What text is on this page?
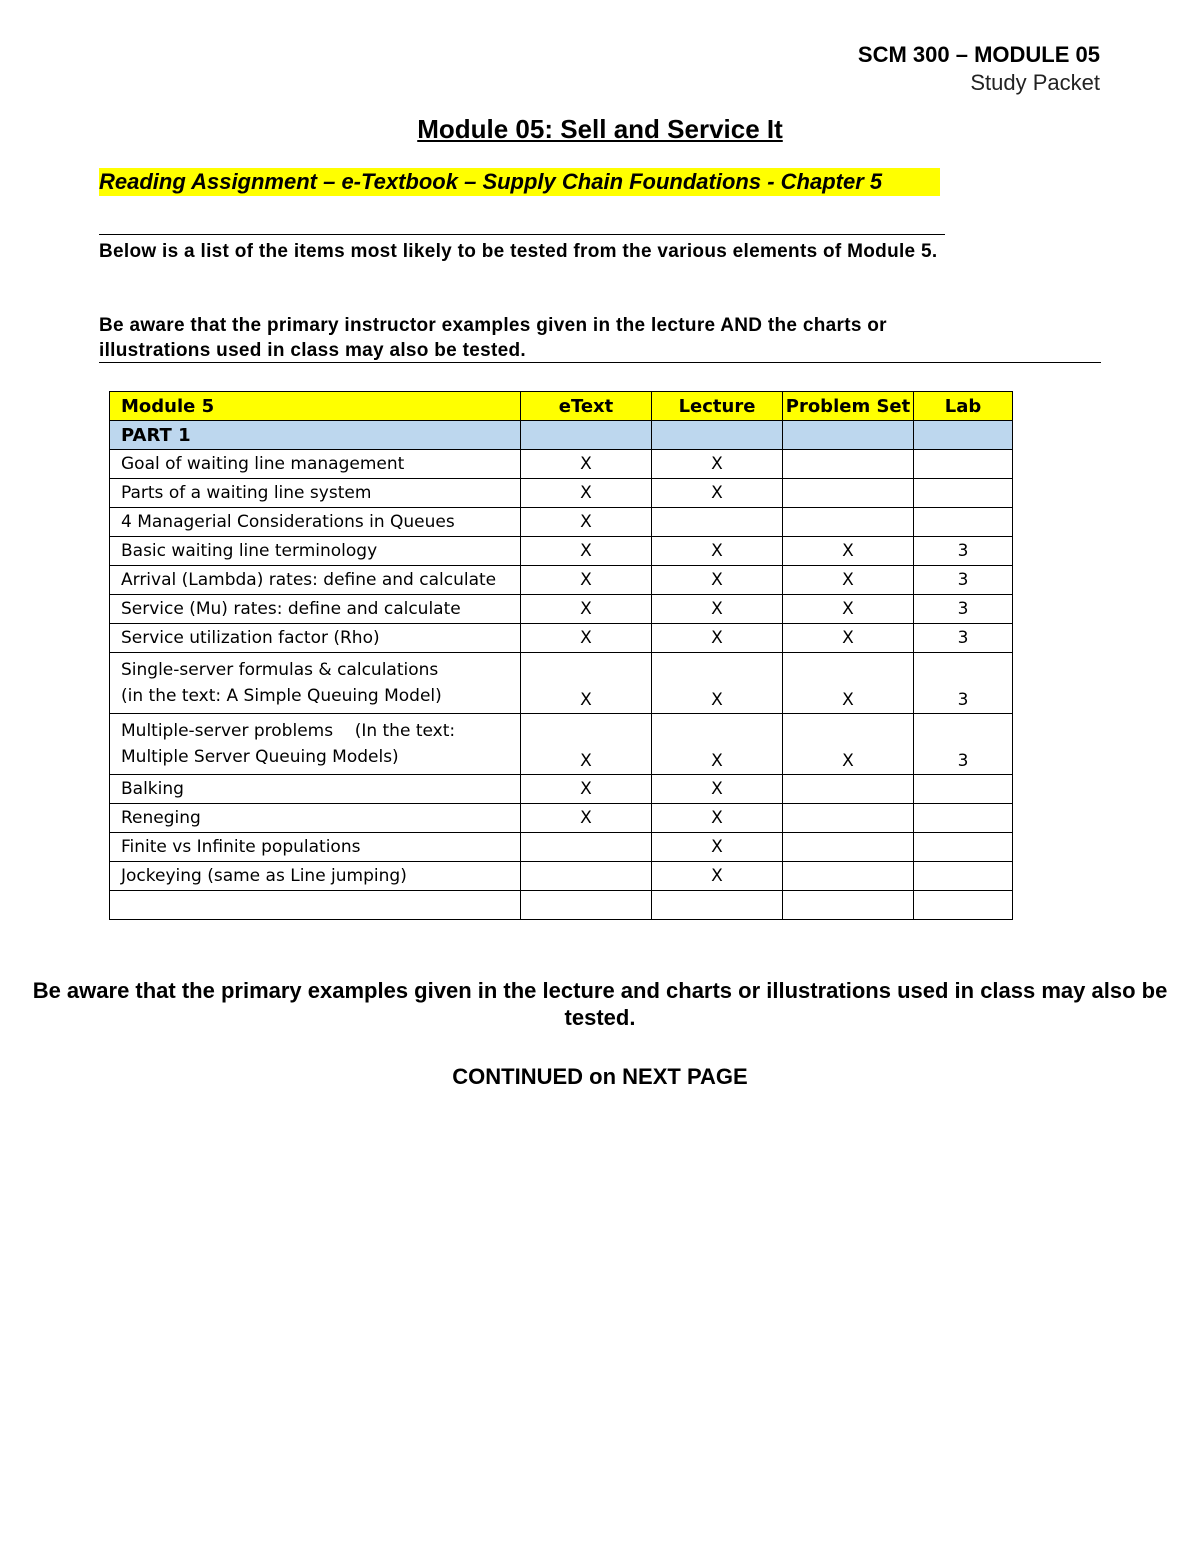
SCM 300 – MODULE 05
Study Packet
Module 05: Sell and Service It
Reading Assignment – e-Textbook – Supply Chain Foundations - Chapter 5
Below is a list of the items most likely to be tested from the various elements of Module 5.
Be aware that the primary instructor examples given in the lecture AND the charts or illustrations used in class may also be tested.
Module 5	eText	Lecture	Problem Set	Lab
PART 1				
Goal of waiting line management	X	X		
Parts of a waiting line system	X	X		
4 Managerial Considerations in Queues	X			
Basic waiting line terminology	X	X	X	3
Arrival (Lambda) rates: define and calculate	X	X	X	3
Service (Mu) rates: define and calculate	X	X	X	3
Service utilization factor (Rho)	X	X	X	3

Single-server formulas & calculations
(in the text: A Simple Queuing Model)	X	X	X	3

Multiple-server problems    (In the text:
Multiple Server Queuing Models)	X	X	X	3
Balking	X	X		
Reneging	X	X		
Finite vs Infinite populations		X		
Jockeying (same as Line jumping)		X		

Be aware that the primary examples given in the lecture and charts or illustrations used in class may also be tested.
CONTINUED on NEXT PAGE
